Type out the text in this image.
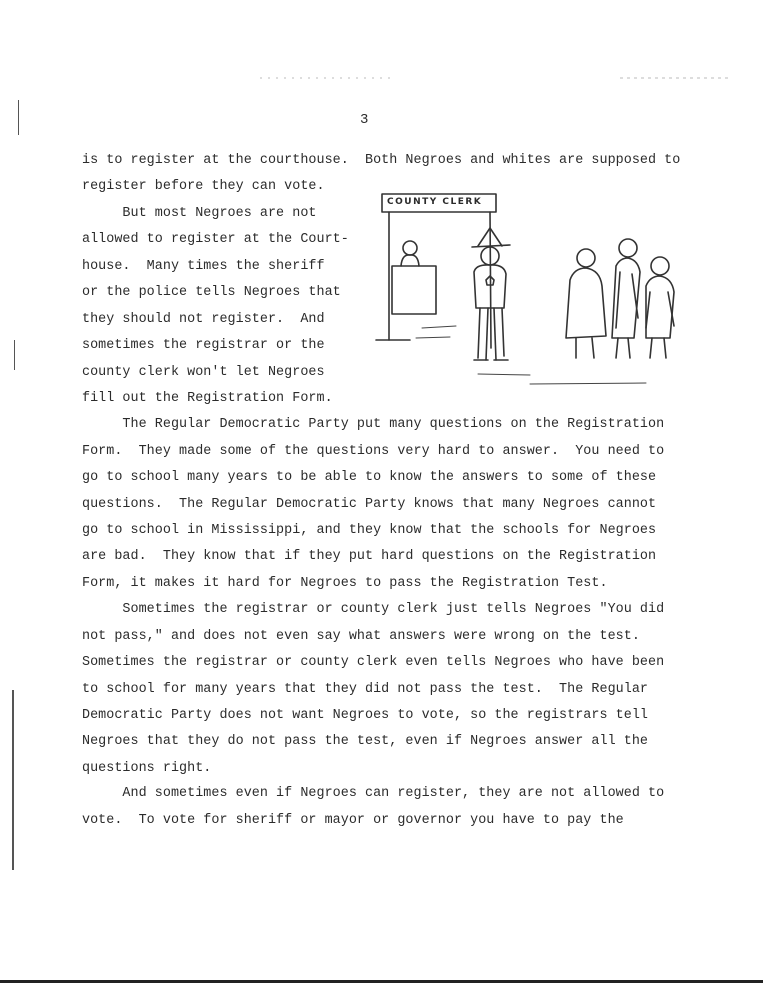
3
is to register at the courthouse.  Both Negroes and whites are supposed to
register before they can vote.
But most Negroes are not
allowed to register at the Court-
house.  Many times the sheriff
or the police tells Negroes that
they should not register.  And
sometimes the registrar or the
county clerk won't let Negroes
fill out the Registration Form.
The Regular Democratic Party put many questions on the Registration
Form.  They made some of the questions very hard to answer.  You need to
go to school many years to be able to know the answers to some of these
questions.  The Regular Democratic Party knows that many Negroes cannot
go to school in Mississippi, and they know that the schools for Negroes
are bad.  They know that if they put hard questions on the Registration
Form, it makes it hard for Negroes to pass the Registration Test.
Sometimes the registrar or county clerk just tells Negroes "You did
not pass," and does not even say what answers were wrong on the test.
Sometimes the registrar or county clerk even tells Negroes who have been
to school for many years that they did not pass the test.  The Regular
Democratic Party does not want Negroes to vote, so the registrars tell
Negroes that they do not pass the test, even if Negroes answer all the
questions right.
And sometimes even if Negroes can register, they are not allowed to
vote.  To vote for sheriff or mayor or governor you have to pay the
COUNTY CLERK
